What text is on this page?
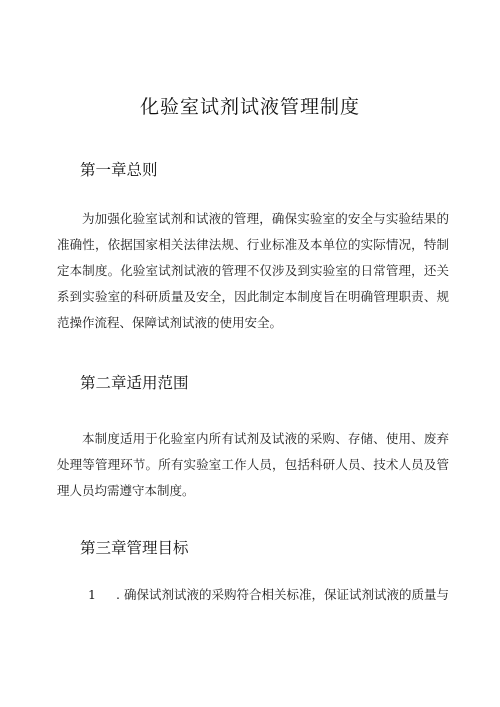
化验室试剂试液管理制度
第一章总则
为加强化验室试剂和试液的管理，确保实验室的安全与实验结果的准确性，依据国家相关法律法规、行业标准及本单位的实际情况，特制定本制度。化验室试剂试液的管理不仅涉及到实验室的日常管理，还关系到实验室的科研质量及安全，因此制定本制度旨在明确管理职责、规范操作流程、保障试剂试液的使用安全。
第二章适用范围
本制度适用于化验室内所有试剂及试液的采购、存储、使用、废弃处理等管理环节。所有实验室工作人员，包括科研人员、技术人员及管理人员均需遵守本制度。
第三章管理目标
1 . 确保试剂试液的采购符合相关标准，保证试剂试液的质量与
